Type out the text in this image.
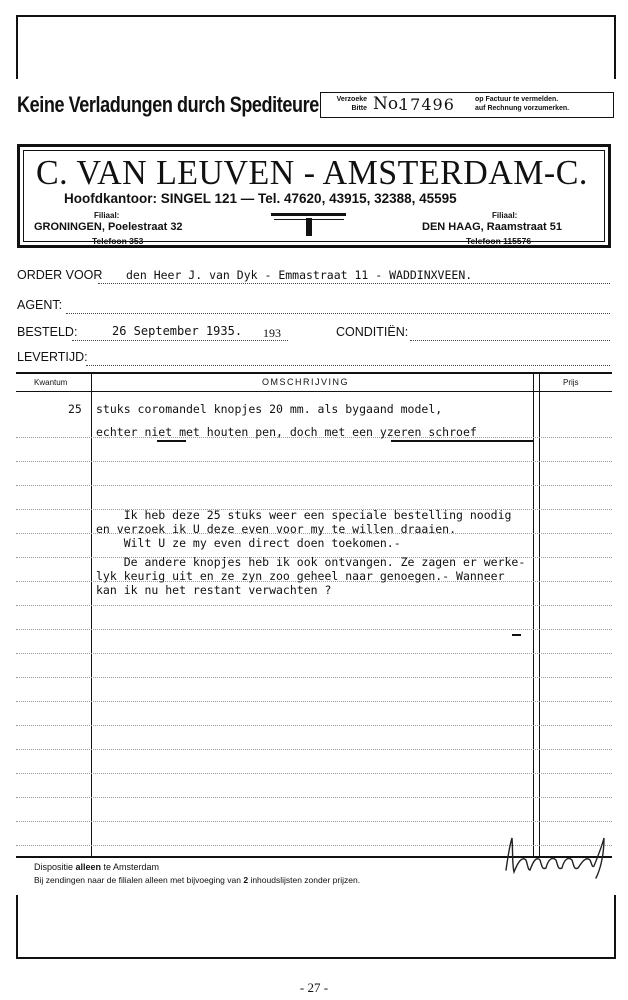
Keine Verladungen durch Spediteure	Verzoeke
Bitte No.
17496	op Factuur te vermelden.
auf Rechnung vorzumerken.
C. VAN LEUVEN - AMSTERDAM-C.
Hoofdkantoor: SINGEL 121 — Tel. 47620, 43915, 32388, 45595
Filiaal:
GRONINGEN, Poelestraat 32
Telefoon 353
Filiaal:
DEN HAAG, Raamstraat 51
Telefoon 115576
ORDER VOOR den Heer J. van Dyk - Emmastraat 11 - WADDINXVEEN.
AGENT:
BESTELD:	26 September 1935. 193	CONDITIËN:
LEVERTIJD:
Kwantum	OMSCHRIJVING	Prijs
25 stuks coromandel knopjes 20 mm. als bygaand model,
echter niet met houten pen, doch met een yzeren schroef
Ik heb deze 25 stuks weer een speciale bestelling noodig
en verzoek ik U deze even voor my te willen draaien.
Wilt U ze my even direct doen toekomen.-
De andere knopjes heb ik ook ontvangen. Ze zagen er werke-
lyk keurig uit en ze zyn zoo geheel naar genoegen.- Wanneer
kan ik nu het restant verwachten ?
Dispositie alleen te Amsterdam
Bij zendingen naar de filialen alleen met bijvoeging van 2 inhoudslijsten zonder prijzen.
- 27 -
